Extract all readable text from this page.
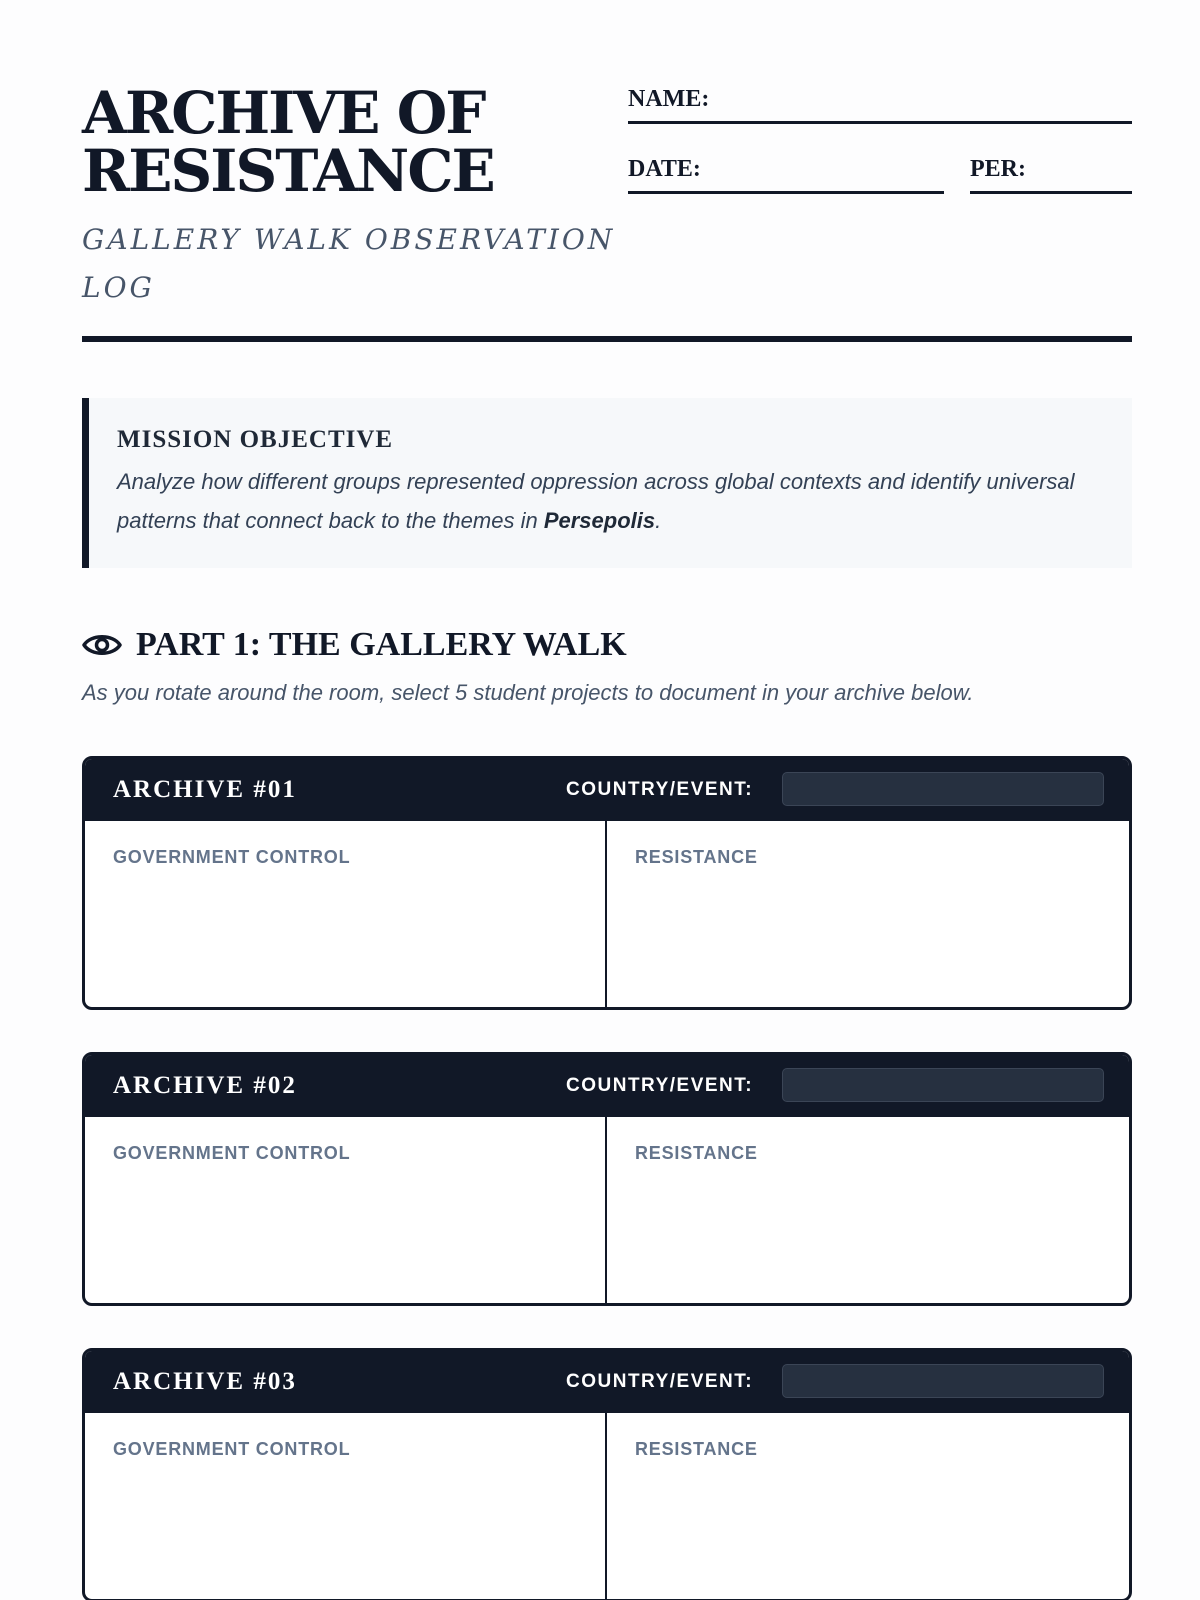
ARCHIVE OF
RESISTANCE
GALLERY WALK OBSERVATION LOG
NAME:
DATE:	PER:
MISSION OBJECTIVE

Analyze how different groups represented oppression across global contexts and identify universal patterns that connect back to the themes in Persepolis.

PART 1: THE GALLERY WALK

As you rotate around the room, select 5 student projects to document in your archive below.

ARCHIVE #01	COUNTRY/EVENT:
GOVERNMENT CONTROL	RESISTANCE
ARCHIVE #02	COUNTRY/EVENT:
GOVERNMENT CONTROL	RESISTANCE
ARCHIVE #03	COUNTRY/EVENT:
GOVERNMENT CONTROL	RESISTANCE
